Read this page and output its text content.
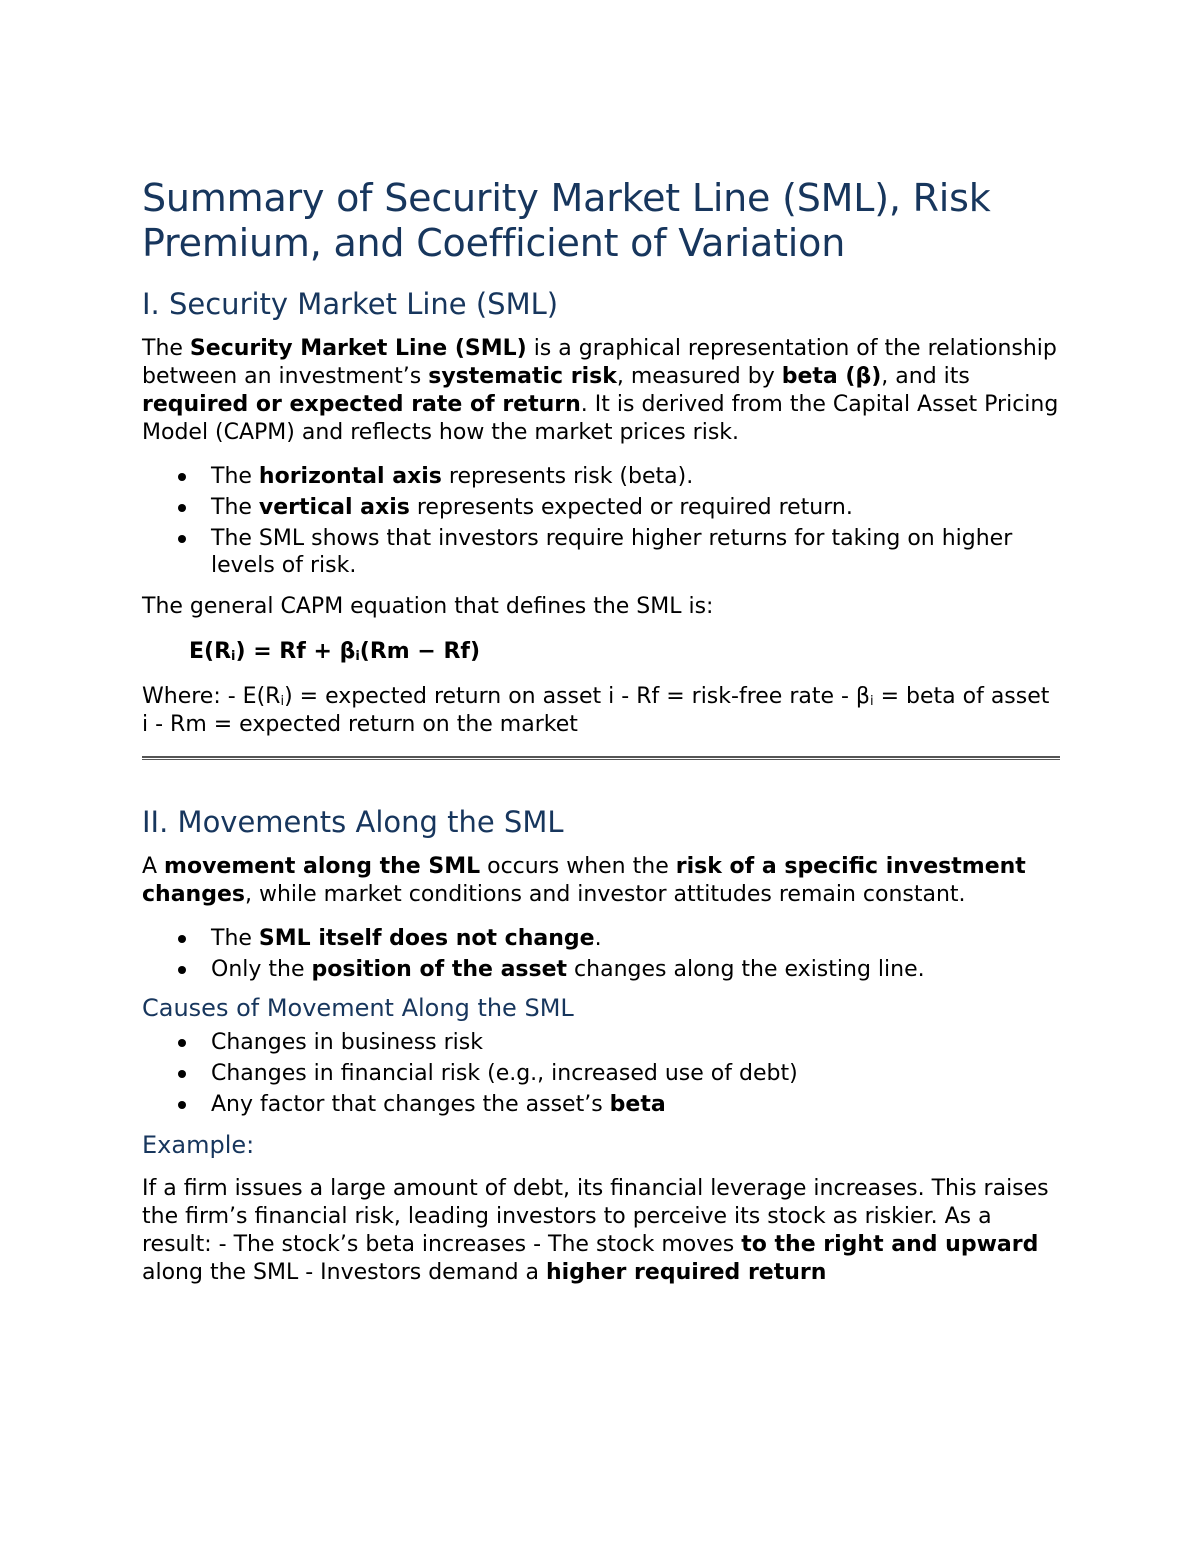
Summary of Security Market Line (SML), Risk Premium, and Coefficient of Variation
I. Security Market Line (SML)

The Security Market Line (SML) is a graphical representation of the relationship between an investment’s systematic risk, measured by beta (β), and its required or expected rate of return. It is derived from the Capital Asset Pricing Model (CAPM) and reflects how the market prices risk.

The horizontal axis represents risk (beta).
The vertical axis represents expected or required return.
The SML shows that investors require higher returns for taking on higher levels of risk.

The general CAPM equation that defines the SML is:

$E(R_i) = Rf + \beta_i(Rm - Rf)$

Where: - $E(R_i)$ = expected return on asset i - Rf = risk-free rate - $\beta_i$ = beta of asset i - Rm = expected return on the market

II. Movements Along the SML

A movement along the SML occurs when the risk of a specific investment changes, while market conditions and investor attitudes remain constant.

The SML itself does not change.
Only the position of the asset changes along the existing line.
Causes of Movement Along the SML
Changes in business risk
Changes in financial risk (e.g., increased use of debt)
Any factor that changes the asset’s beta
Example:

If a firm issues a large amount of debt, its financial leverage increases. This raises the firm’s financial risk, leading investors to perceive its stock as riskier. As a result: - The stock’s beta increases - The stock moves to the right and upward along the SML - Investors demand a higher required return
